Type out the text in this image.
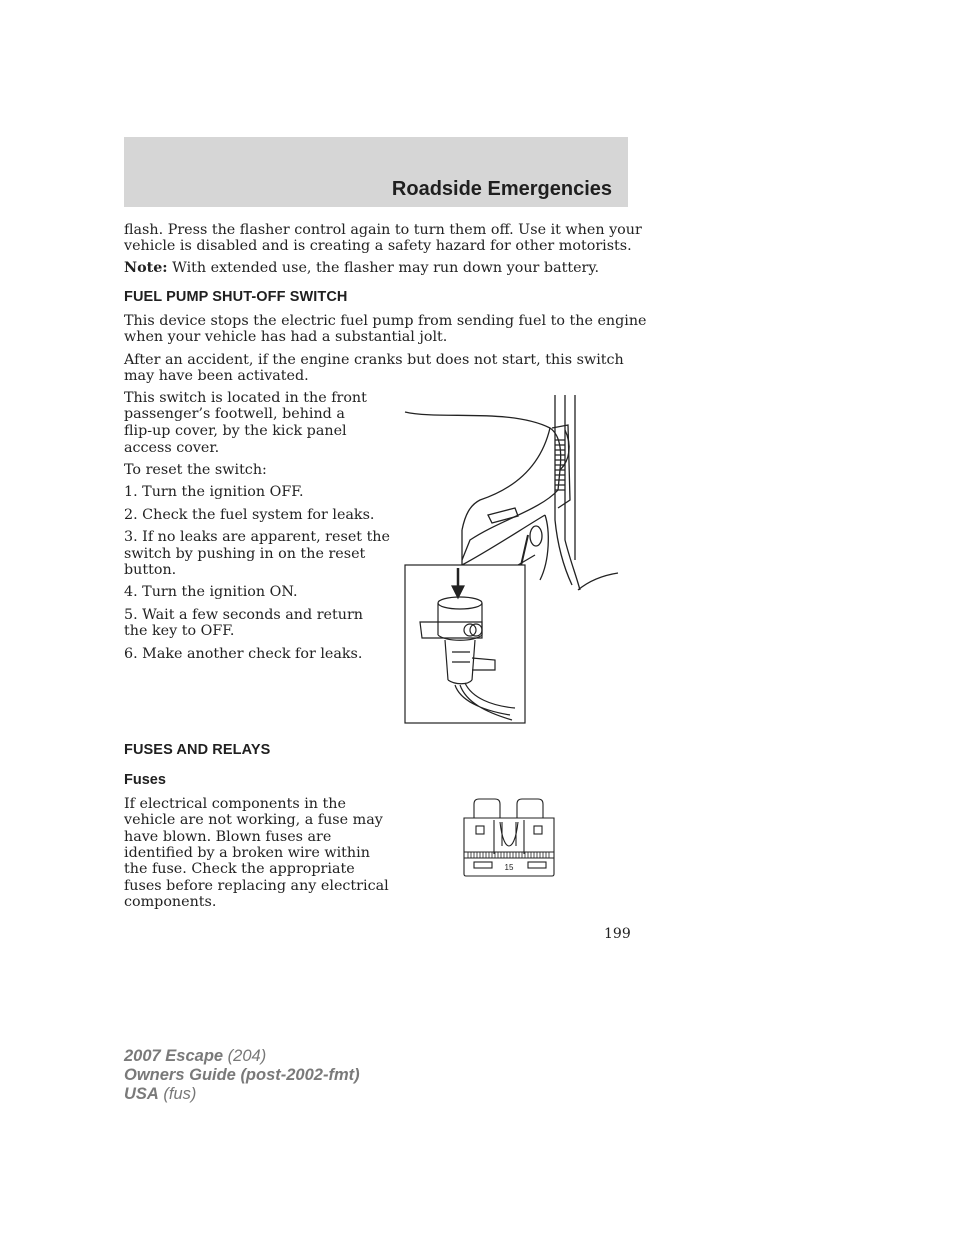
Roadside Emergencies

flash. Press the flasher control again to turn them off. Use it when your

vehicle is disabled and is creating a safety hazard for other motorists.

Note: With extended use, the flasher may run down your battery.

FUEL PUMP SHUT-OFF SWITCH

This device stops the electric fuel pump from sending fuel to the engine

when your vehicle has had a substantial jolt.

After an accident, if the engine cranks but does not start, this switch

may have been activated.

This switch is located in the front

passenger’s footwell, behind a

flip-up cover, by the kick panel

access cover.

To reset the switch:

1. Turn the ignition OFF.

2. Check the fuel system for leaks.

3. If no leaks are apparent, reset the

switch by pushing in on the reset

button.

4. Turn the ignition ON.

5. Wait a few seconds and return

the key to OFF.

6. Make another check for leaks.

FUSES AND RELAYS
Fuses

If electrical components in the

vehicle are not working, a fuse may

have blown. Blown fuses are

identified by a broken wire within

the fuse. Check the appropriate

fuses before replacing any electrical

components.

15
199
2007 Escape (204)
Owners Guide (post-2002-fmt)
USA (fus)
